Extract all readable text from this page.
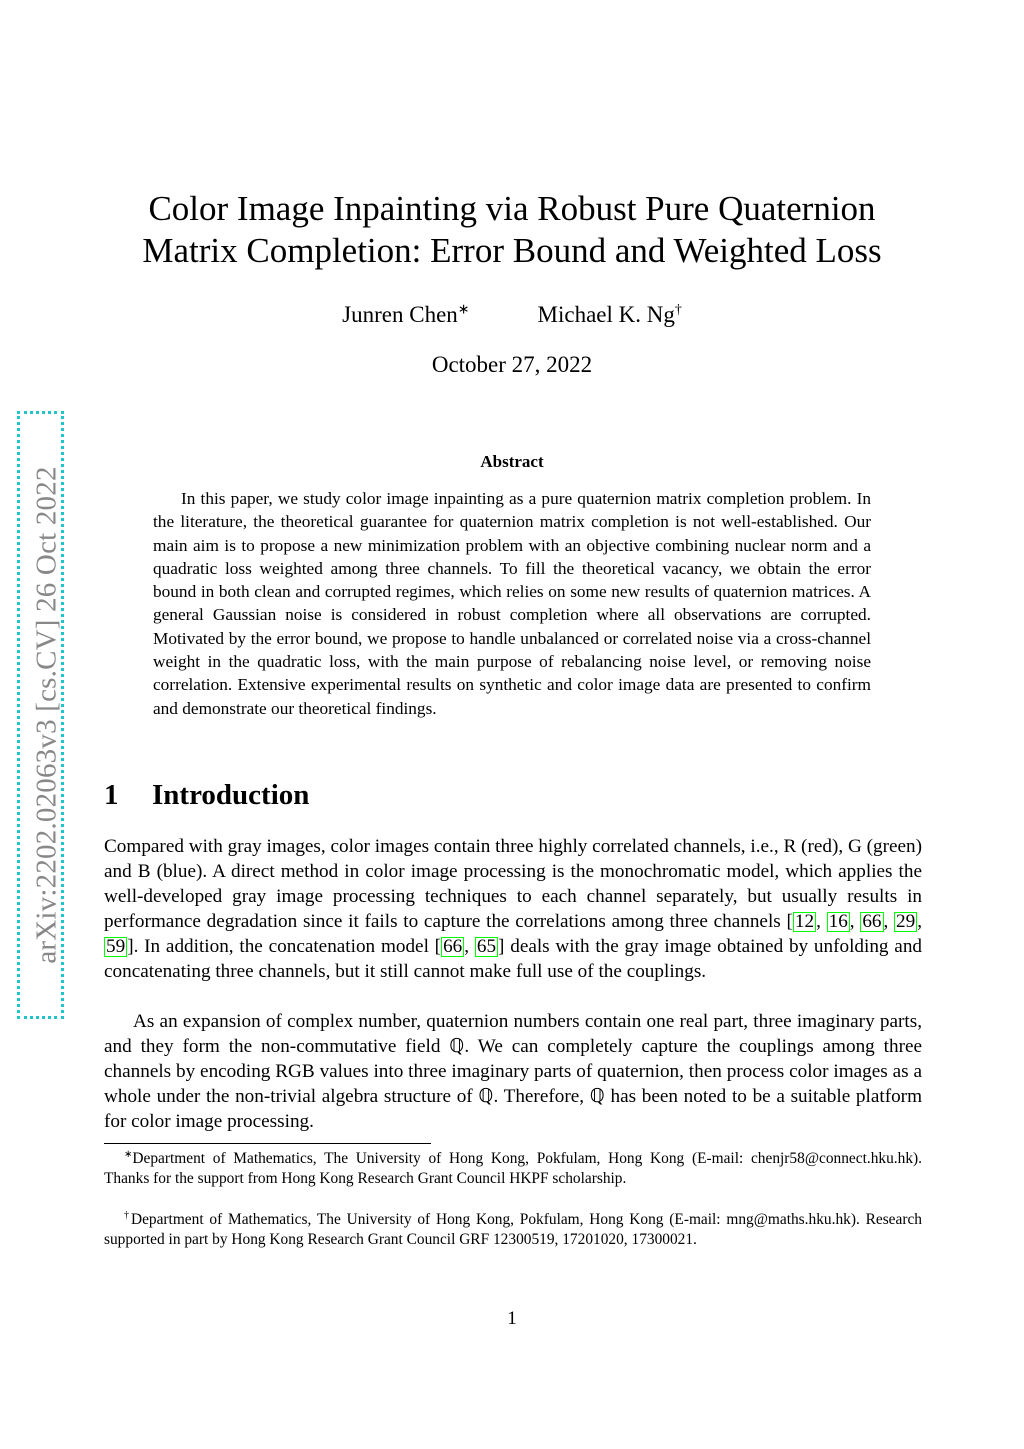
arXiv:2202.02063v3 [cs.CV] 26 Oct 2022
Color Image Inpainting via Robust Pure Quaternion
Matrix Completion: Error Bound and Weighted Loss
Junren Chen∗	Michael K. Ng†
October 27, 2022
Abstract

In this paper, we study color image inpainting as a pure quaternion matrix completion problem. In the literature, the theoretical guarantee for quaternion matrix completion is not well-established. Our main aim is to propose a new minimization problem with an objective combining nuclear norm and a quadratic loss weighted among three channels. To fill the theoretical vacancy, we obtain the error bound in both clean and corrupted regimes, which relies on some new results of quaternion matrices. A general Gaussian noise is considered in robust completion where all observations are corrupted. Motivated by the error bound, we propose to handle unbalanced or correlated noise via a cross-channel weight in the quadratic loss, with the main purpose of rebalancing noise level, or removing noise correlation. Extensive experimental results on synthetic and color image data are presented to confirm and demonstrate our theoretical findings.

1 Introduction

Compared with gray images, color images contain three highly correlated channels, i.e., R (red), G (green) and B (blue). A direct method in color image processing is the monochromatic model, which applies the well-developed gray image processing techniques to each channel separately, but usually results in performance degradation since it fails to capture the correlations among three channels [ 12 , 16 , 66 , 29 , 59 ]. In addition, the concatenation model [ 66 , 65 ] deals with the gray image obtained by unfolding and concatenating three channels, but it still cannot make full use of the couplings.

As an expansion of complex number, quaternion numbers contain one real part, three imaginary parts, and they form the non-commutative field ℚ. We can completely capture the couplings among three channels by encoding RGB values into three imaginary parts of quaternion, then process color images as a whole under the non-trivial algebra structure of ℚ. Therefore, ℚ has been noted to be a suitable platform for color image processing.

∗Department of Mathematics, The University of Hong Kong, Pokfulam, Hong Kong (E-mail: chenjr58@connect.hku.hk). Thanks for the support from Hong Kong Research Grant Council HKPF scholarship.

†Department of Mathematics, The University of Hong Kong, Pokfulam, Hong Kong (E-mail: mng@maths.hku.hk). Research supported in part by Hong Kong Research Grant Council GRF 12300519, 17201020, 17300021.

1
